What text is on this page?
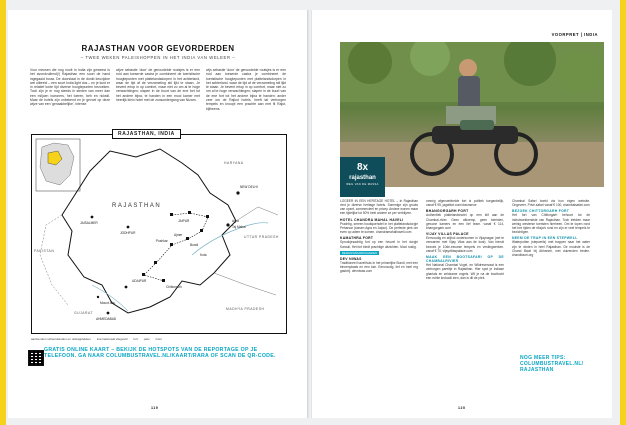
RAJASTHAN VOOR GEVORDERDEN
– TWEE WEKEN PALEISHOPPEN IN HET INDIA VAN WELEER –
Voor mensen die nog nooit in India zijn geweest is het avondvullend(!) Rajasthan een soort de hand ingegaaid bouw. De doorstaat in de donkt keuvijdne wel uitbreid – een soort India light dus – en je kunt er in relatief korte tijd diverse hoogtepunten bezoeken. Toch zijn je er nog steeds in steden van meer dan een miljoen inwoners, het toeren, beh en rickstil. Maar de hotels zijn onbekend en je gevoel op deze wijze van een 'genaakbelijke', intense
wijze sebastie 'door' de genoodelde routsjes is er een roid aan toeserde castra je combineert de toeristische hoogtepunten met plattelandsdorpen in het achterland, waar de tijd af de verzameling stil lijkt te staan. Je bevent ertop in op comfort, maar niet zo om al te hoge verwachtingen; slapen in de buurt van de ene fort tot het andere bijna, te handen in een mooi kamer met heerlijk klein hotel met de zonsondergang van Nizam.
wijs sebastie 'door' de genoodelde routsjes is er een roid aan toeserde castra je combineert de toeristische hoogtepunten met plattelandsdorpen in het achterland, waar de tijd af de verzameling stil lijkt te staan. Je bevent ertop in op comfort, maar niet zo om al te hoge verwachtingen; slapen in de buurt van de ene fort tot het andere bijna te handen: ander zeer om de Rajkot hotels, heeft tal verborgen tempels en knoopt een prachte aan met fil Rajut, bijlheens.
RAJASTHAN, INDIA
RAJASTHAN
UTTAR PRADESH
PAKISTAN
GUJARAT
MADHYA PRADESH
HARYANA
NEW DELHI
JAISALMER
JODHPUR
JAIPUR
Ajmer
Pushkar
Bundi
Kota
UDAIPUR
AHMEDABAD
Chittorgarh
Agra
Mount Abu
Taj Mahal
aanbevolen schiereilanden en uitstapplekken internationaal vliegveld fort palu rivier
GRATIS ONLINE KAART – BEKIJK DE HOTSPOTS VAN DE REPORTAGE OP JE TELEFOON. GA NAAR COLUMBUSTRAVEL.NL/KAART/RARA OF SCAN DE QR-CODE.
119
VOORPRET | INDIA
8x
rajasthan
WEG VAN DE MASSA
LOGEER IN EEN HERITAGE HOTEL – In Rajasthan vind je diverse heritage hotels. Sommige zijn groots van opzet, commercieel en pricey. Andere wonen maar een tijdelijke tot 50% heel andere ze per verblijven.
HOTEL CHANDRA MAHAL HAVELI
Prachtig, sereen boutiquehotel in het plattelandsdorpje Peharsar (tussen Agra en Jaipur). De perfecte plek om even op adem te komen. chandramahalhaveli.com
KAMATHRA FORT
Sprookjesachtig fort op een heuvel in het dorpje Karauli. Het fort biedt prachtige uitzichten. Mooi rustig.
BEZIENSWAARDIGHEDEN
DEV NIWAS
Traditioneel havelihuis in het prinselijke Bundi, met een binnenplaats en een tuin. Eenvoudig, lief en heel erg gastvrij. devniwas.com
ommig afgenaebbelde fort is politiek toegankelijk, vanaf € 95, jagatfort.com/downseoe
BHANGORGARH FORT
Authentiek plattelandshotel op een klif aan de Chambal-rivier. Geen afkoemp, geen toeristen, gewone kamers en een lief team. vanaf € 114, bhangorgarh.com
VIJAY VILLAS PALACE
Eenvoudig en stijlvol onderkomen in Vijaynagar (net te verwarren met Vijay Vilas aan de kust). Van hieruit bezoek je 10de-eeuwse tempels en vestingwerken. vanaf € 70, vijayvillaspalace.com
MAAK EEN BOOTSAFARI OP DE CHAMBALRIVIER
Het National Chambal Vogel- en Wildreservaat is een verborgen pareltje in Rajasthan. Hier spot je Indiase gharials en zeldzame vogels. Wil je na de boottocht een echte krokodil zien, dan is dit de plek.
Chambal Safari boekt via hun eigen website. Ongeveer, Privé-safari vanaf € 100, chambalsafari.com
BEZOEK CHITTORGARH FORT
Het fort van Chittorgarh behoort tot de indrukwekkendste van Rajasthan. Toch trekken maar weinig westerse toeristen hierheen. Om te lopen rond het fort rijden de riksja’s rond en zijn er veel tempels te bezichtigen.
NEEM DE TRAP IN EEN STEPWELL
Waterputten (stepwells) met trappen naar het water zijn te vinden in heel Rajasthan. De mooiste is de Chand Baori bij Abhaneri, met duizenden treden. chandbaori.org
NOG MEER TIPS: COLUMBUSTRAVEL.NL/ RAJASTHAN
120
